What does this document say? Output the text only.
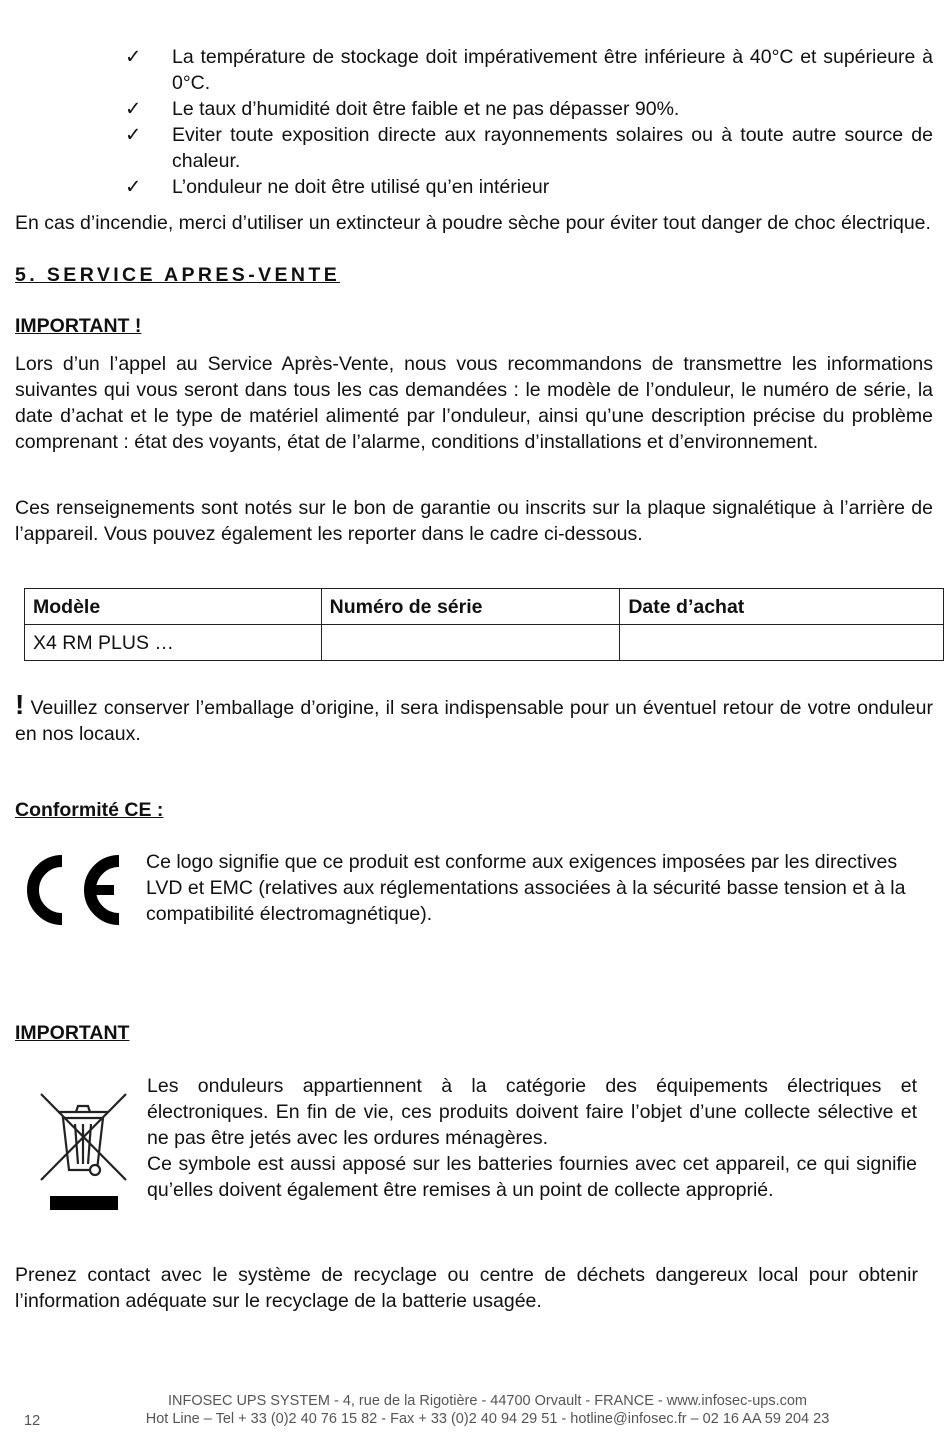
✓	La température de stockage doit impérativement être inférieure à 40°C et supérieure à 0°C.
✓	Le taux d’humidité doit être faible et ne pas dépasser 90%.
✓	Eviter toute exposition directe aux rayonnements solaires ou à toute autre source de chaleur.
✓	L’onduleur ne doit être utilisé qu’en intérieur
En cas d’incendie, merci d’utiliser un extincteur à poudre sèche pour éviter tout danger de choc électrique.
5. SERVICE APRES-VENTE
IMPORTANT !
Lors d’un l’appel au Service Après-Vente, nous vous recommandons de transmettre les informations suivantes qui vous seront dans tous les cas demandées : le modèle de l’onduleur, le numéro de série, la date d’achat et le type de matériel alimenté par l’onduleur, ainsi qu’une description précise du problème comprenant : état des voyants, état de l’alarme, conditions d’installations et d’environnement.
Ces renseignements sont notés sur le bon de garantie ou inscrits sur la plaque signalétique à l’arrière de l’appareil. Vous pouvez également les reporter dans le cadre ci-dessous.
Modèle	Numéro de série	Date d’achat
X4 RM PLUS …		
! Veuillez conserver l’emballage d’origine, il sera indispensable pour un éventuel retour de votre onduleur en nos locaux.
Conformité CE :
Ce logo signifie que ce produit est conforme aux exigences imposées par les directives LVD et EMC (relatives aux réglementations associées à la sécurité basse tension et à la compatibilité électromagnétique).
IMPORTANT
Les onduleurs appartiennent à la catégorie des équipements électriques et électroniques. En fin de vie, ces produits doivent faire l’objet d’une collecte sélective et ne pas être jetés avec les ordures ménagères.
Ce symbole est aussi apposé sur les batteries fournies avec cet appareil, ce qui signifie qu’elles doivent également être remises à un point de collecte approprié.
Prenez contact avec le système de recyclage ou centre de déchets dangereux local pour obtenir l’information adéquate sur le recyclage de la batterie usagée.
12
INFOSEC UPS SYSTEM - 4, rue de la Rigotière - 44700 Orvault - FRANCE - www.infosec-ups.com
Hot Line – Tel + 33 (0)2 40 76 15 82 - Fax + 33 (0)2 40 94 29 51 - hotline@infosec.fr – 02 16 AA 59 204 23
